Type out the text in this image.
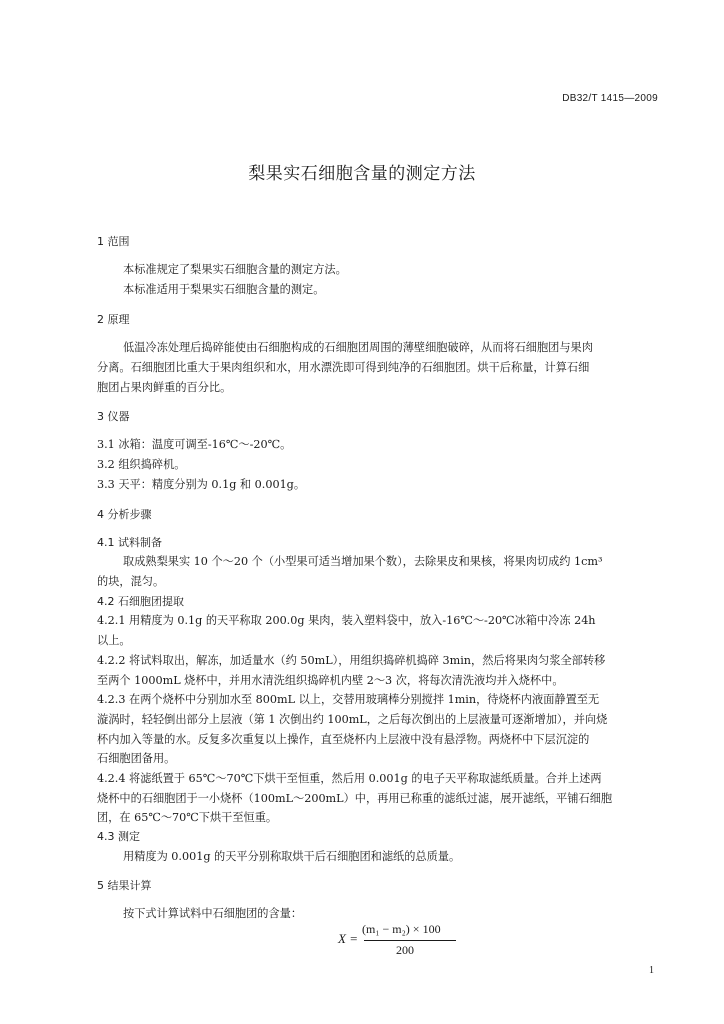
DB32/T 1415—2009
梨果实石细胞含量的测定方法
1 范围
本标准规定了梨果实石细胞含量的测定方法。
本标准适用于梨果实石细胞含量的测定。
2 原理
低温冷冻处理后捣碎能使由石细胞构成的石细胞团周围的薄壁细胞破碎，从而将石细胞团与果肉
分离。石细胞团比重大于果肉组织和水，用水漂洗即可得到纯净的石细胞团。烘干后称量，计算石细
胞团占果肉鲜重的百分比。
3 仪器
3.1 冰箱：温度可调至-16℃～-20℃。
3.2 组织捣碎机。
3.3 天平：精度分别为 0.1g 和 0.001g。
4 分析步骤
4.1 试料制备
取成熟梨果实 10 个～20 个（小型果可适当增加果个数），去除果皮和果核，将果肉切成约 1cm³
的块，混匀。
4.2 石细胞团提取
4.2.1 用精度为 0.1g 的天平称取 200.0g 果肉，装入塑料袋中，放入-16℃～-20℃冰箱中冷冻 24h
以上。
4.2.2 将试料取出，解冻，加适量水（约 50mL），用组织捣碎机捣碎 3min，然后将果肉匀浆全部转移
至两个 1000mL 烧杯中，并用水清洗组织捣碎机内壁 2～3 次，将每次清洗液均并入烧杯中。
4.2.3 在两个烧杯中分别加水至 800mL 以上，交替用玻璃棒分别搅拌 1min，待烧杯内液面静置至无
漩涡时，轻轻倒出部分上层液（第 1 次倒出约 100mL，之后每次倒出的上层液量可逐渐增加），并向烧
杯内加入等量的水。反复多次重复以上操作，直至烧杯内上层液中没有悬浮物。两烧杯中下层沉淀的
石细胞团备用。
4.2.4 将滤纸置于 65℃～70℃下烘干至恒重，然后用 0.001g 的电子天平称取滤纸质量。合并上述两
烧杯中的石细胞团于一小烧杯（100mL～200mL）中，再用已称重的滤纸过滤，展开滤纸，平铺石细胞
团，在 65℃～70℃下烘干至恒重。
4.3 测定
用精度为 0.001g 的天平分别称取烘干后石细胞团和滤纸的总质量。
5 结果计算
按下式计算试料中石细胞团的含量：
X =
(m₁ − m₂) × 100
200
1
